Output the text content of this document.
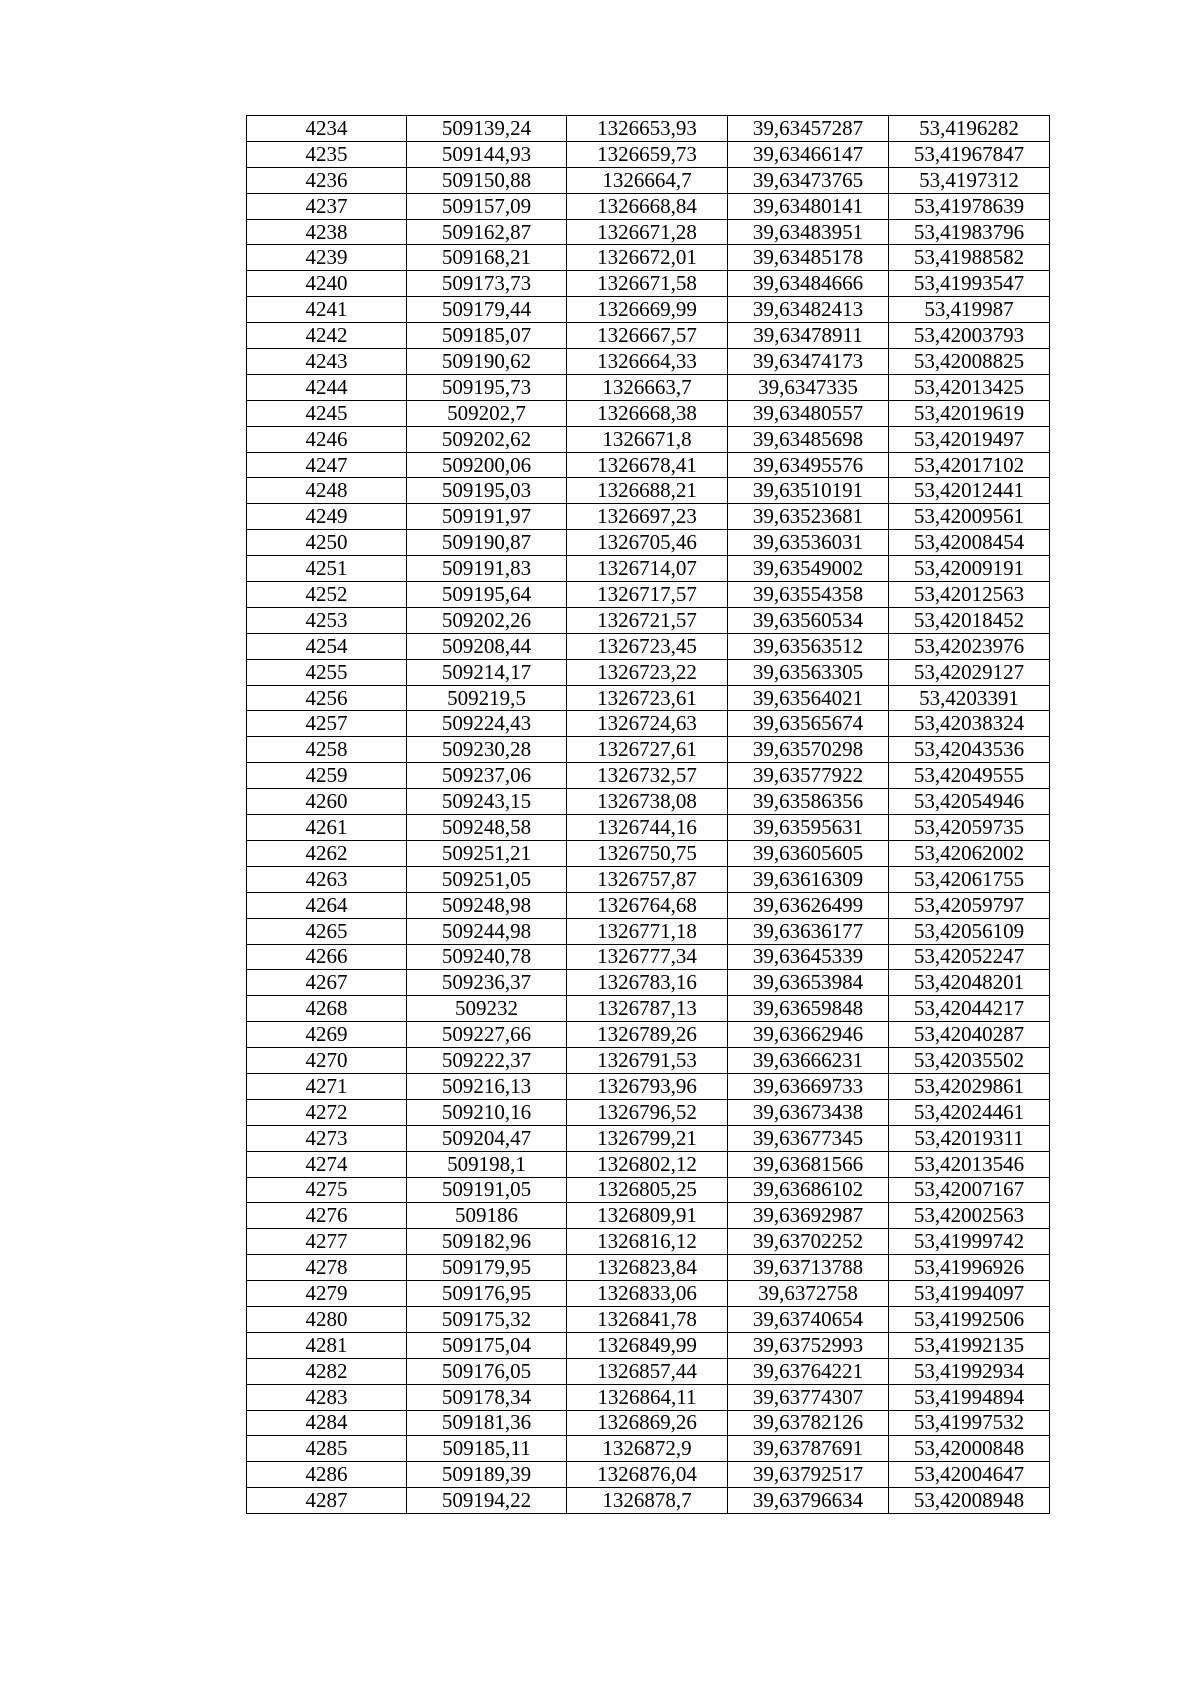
4234	509139,24	1326653,93	39,63457287	53,4196282
4235	509144,93	1326659,73	39,63466147	53,41967847
4236	509150,88	1326664,7	39,63473765	53,4197312
4237	509157,09	1326668,84	39,63480141	53,41978639
4238	509162,87	1326671,28	39,63483951	53,41983796
4239	509168,21	1326672,01	39,63485178	53,41988582
4240	509173,73	1326671,58	39,63484666	53,41993547
4241	509179,44	1326669,99	39,63482413	53,419987
4242	509185,07	1326667,57	39,63478911	53,42003793
4243	509190,62	1326664,33	39,63474173	53,42008825
4244	509195,73	1326663,7	39,6347335	53,42013425
4245	509202,7	1326668,38	39,63480557	53,42019619
4246	509202,62	1326671,8	39,63485698	53,42019497
4247	509200,06	1326678,41	39,63495576	53,42017102
4248	509195,03	1326688,21	39,63510191	53,42012441
4249	509191,97	1326697,23	39,63523681	53,42009561
4250	509190,87	1326705,46	39,63536031	53,42008454
4251	509191,83	1326714,07	39,63549002	53,42009191
4252	509195,64	1326717,57	39,63554358	53,42012563
4253	509202,26	1326721,57	39,63560534	53,42018452
4254	509208,44	1326723,45	39,63563512	53,42023976
4255	509214,17	1326723,22	39,63563305	53,42029127
4256	509219,5	1326723,61	39,63564021	53,4203391
4257	509224,43	1326724,63	39,63565674	53,42038324
4258	509230,28	1326727,61	39,63570298	53,42043536
4259	509237,06	1326732,57	39,63577922	53,42049555
4260	509243,15	1326738,08	39,63586356	53,42054946
4261	509248,58	1326744,16	39,63595631	53,42059735
4262	509251,21	1326750,75	39,63605605	53,42062002
4263	509251,05	1326757,87	39,63616309	53,42061755
4264	509248,98	1326764,68	39,63626499	53,42059797
4265	509244,98	1326771,18	39,63636177	53,42056109
4266	509240,78	1326777,34	39,63645339	53,42052247
4267	509236,37	1326783,16	39,63653984	53,42048201
4268	509232	1326787,13	39,63659848	53,42044217
4269	509227,66	1326789,26	39,63662946	53,42040287
4270	509222,37	1326791,53	39,63666231	53,42035502
4271	509216,13	1326793,96	39,63669733	53,42029861
4272	509210,16	1326796,52	39,63673438	53,42024461
4273	509204,47	1326799,21	39,63677345	53,42019311
4274	509198,1	1326802,12	39,63681566	53,42013546
4275	509191,05	1326805,25	39,63686102	53,42007167
4276	509186	1326809,91	39,63692987	53,42002563
4277	509182,96	1326816,12	39,63702252	53,41999742
4278	509179,95	1326823,84	39,63713788	53,41996926
4279	509176,95	1326833,06	39,6372758	53,41994097
4280	509175,32	1326841,78	39,63740654	53,41992506
4281	509175,04	1326849,99	39,63752993	53,41992135
4282	509176,05	1326857,44	39,63764221	53,41992934
4283	509178,34	1326864,11	39,63774307	53,41994894
4284	509181,36	1326869,26	39,63782126	53,41997532
4285	509185,11	1326872,9	39,63787691	53,42000848
4286	509189,39	1326876,04	39,63792517	53,42004647
4287	509194,22	1326878,7	39,63796634	53,42008948
